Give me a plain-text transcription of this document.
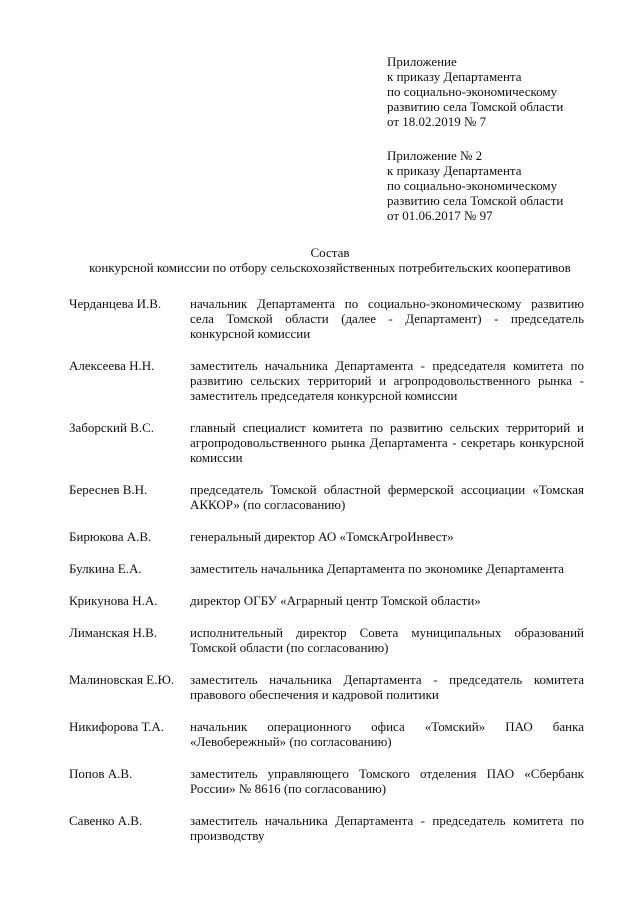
Приложение
к приказу Департамента
по социально-экономическому
развитию села Томской области
от 18.02.2019 № 7
Приложение № 2
к приказу Департамента
по социально-экономическому
развитию села Томской области
от 01.06.2017 № 97
Состав
конкурсной комиссии по отбору сельскохозяйственных потребительских кооперативов
Черданцева И.В.	начальник Департамента по социально-экономическому развитию села Томской области (далее - Департамент) - председатель конкурсной комиссии
Алексеева Н.Н.	заместитель начальника Департамента - председателя комитета по развитию сельских территорий и агропродовольственного рынка - заместитель председателя конкурсной комиссии
Заборский В.С.	главный специалист комитета по развитию сельских территорий и агропродовольственного рынка Департамента - секретарь конкурсной комиссии
Береснев В.Н.	председатель Томской областной фермерской ассоциации «Томская АККОР» (по согласованию)
Бирюкова А.В.	генеральный директор АО «ТомскАгроИнвест»
Булкина Е.А.	заместитель начальника Департамента по экономике Департамента
Крикунова Н.А.	директор ОГБУ «Аграрный центр Томской области»
Лиманская Н.В.	исполнительный директор Совета муниципальных образований Томской области (по согласованию)
Малиновская Е.Ю.	заместитель начальника Департамента - председатель комитета правового обеспечения и кадровой политики
Никифорова Т.А.	начальник операционного офиса «Томский» ПАО банка «Левобережный» (по согласованию)
Попов А.В.	заместитель управляющего Томского отделения ПАО «Сбербанк России» № 8616 (по согласованию)
Савенко А.В.	заместитель начальника Департамента - председатель комитета по производству
